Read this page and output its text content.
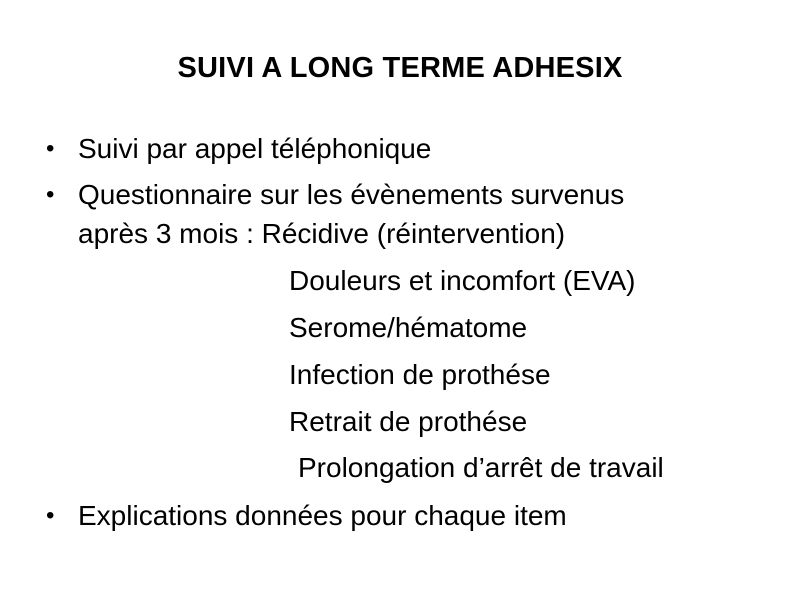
SUIVI A LONG TERME ADHESIX
• Suivi par appel téléphonique
• Questionnaire sur les évènements survenus
après 3 mois : Récidive (réintervention)
Douleurs et incomfort (EVA)
Serome/hématome
Infection de prothése
Retrait de prothése
Prolongation d’arrêt de travail
• Explications données pour chaque item
